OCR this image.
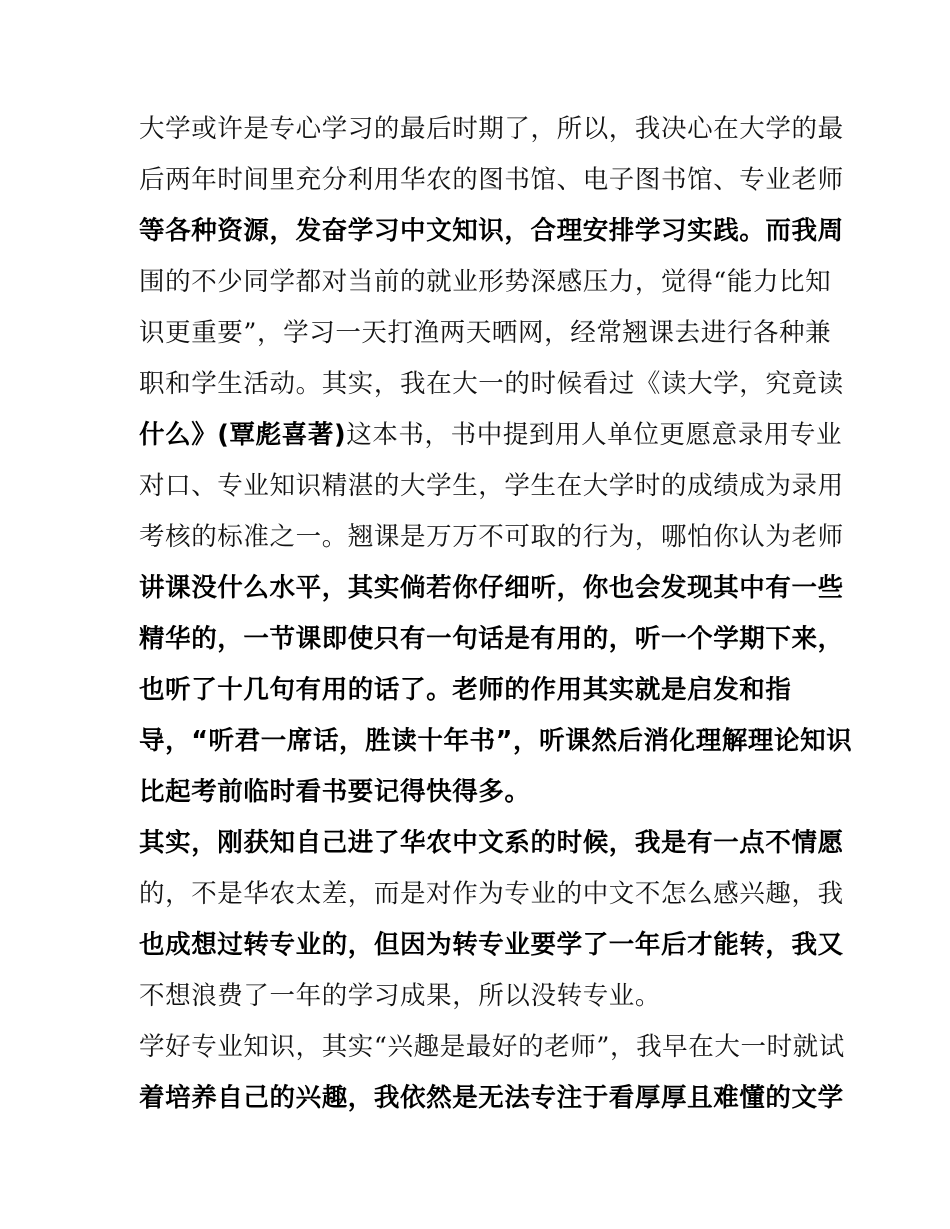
大学或许是专心学习的最后时期了，所以，我决心在大学的最
后两年时间里充分利用华农的图书馆、电子图书馆、专业老师
等各种资源，发奋学习中文知识，合理安排学习实践。而我周
围的不少同学都对当前的就业形势深感压力，觉得“能力比知
识更重要”，学习一天打渔两天晒网，经常翘课去进行各种兼
职和学生活动。其实，我在大一的时候看过《读大学，究竟读
什么》(覃彪喜著)这本书，书中提到用人单位更愿意录用专业
对口、专业知识精湛的大学生，学生在大学时的成绩成为录用
考核的标准之一。翘课是万万不可取的行为，哪怕你认为老师
讲课没什么水平，其实倘若你仔细听，你也会发现其中有一些
精华的，一节课即使只有一句话是有用的，听一个学期下来，
也听了十几句有用的话了。老师的作用其实就是启发和指
导，“听君一席话，胜读十年书”，听课然后消化理解理论知识
比起考前临时看书要记得快得多。
其实，刚获知自己进了华农中文系的时候，我是有一点不情愿
的，不是华农太差，而是对作为专业的中文不怎么感兴趣，我
也成想过转专业的，但因为转专业要学了一年后才能转，我又
不想浪费了一年的学习成果，所以没转专业。
学好专业知识，其实“兴趣是最好的老师”，我早在大一时就试
着培养自己的兴趣，我依然是无法专注于看厚厚且难懂的文学
